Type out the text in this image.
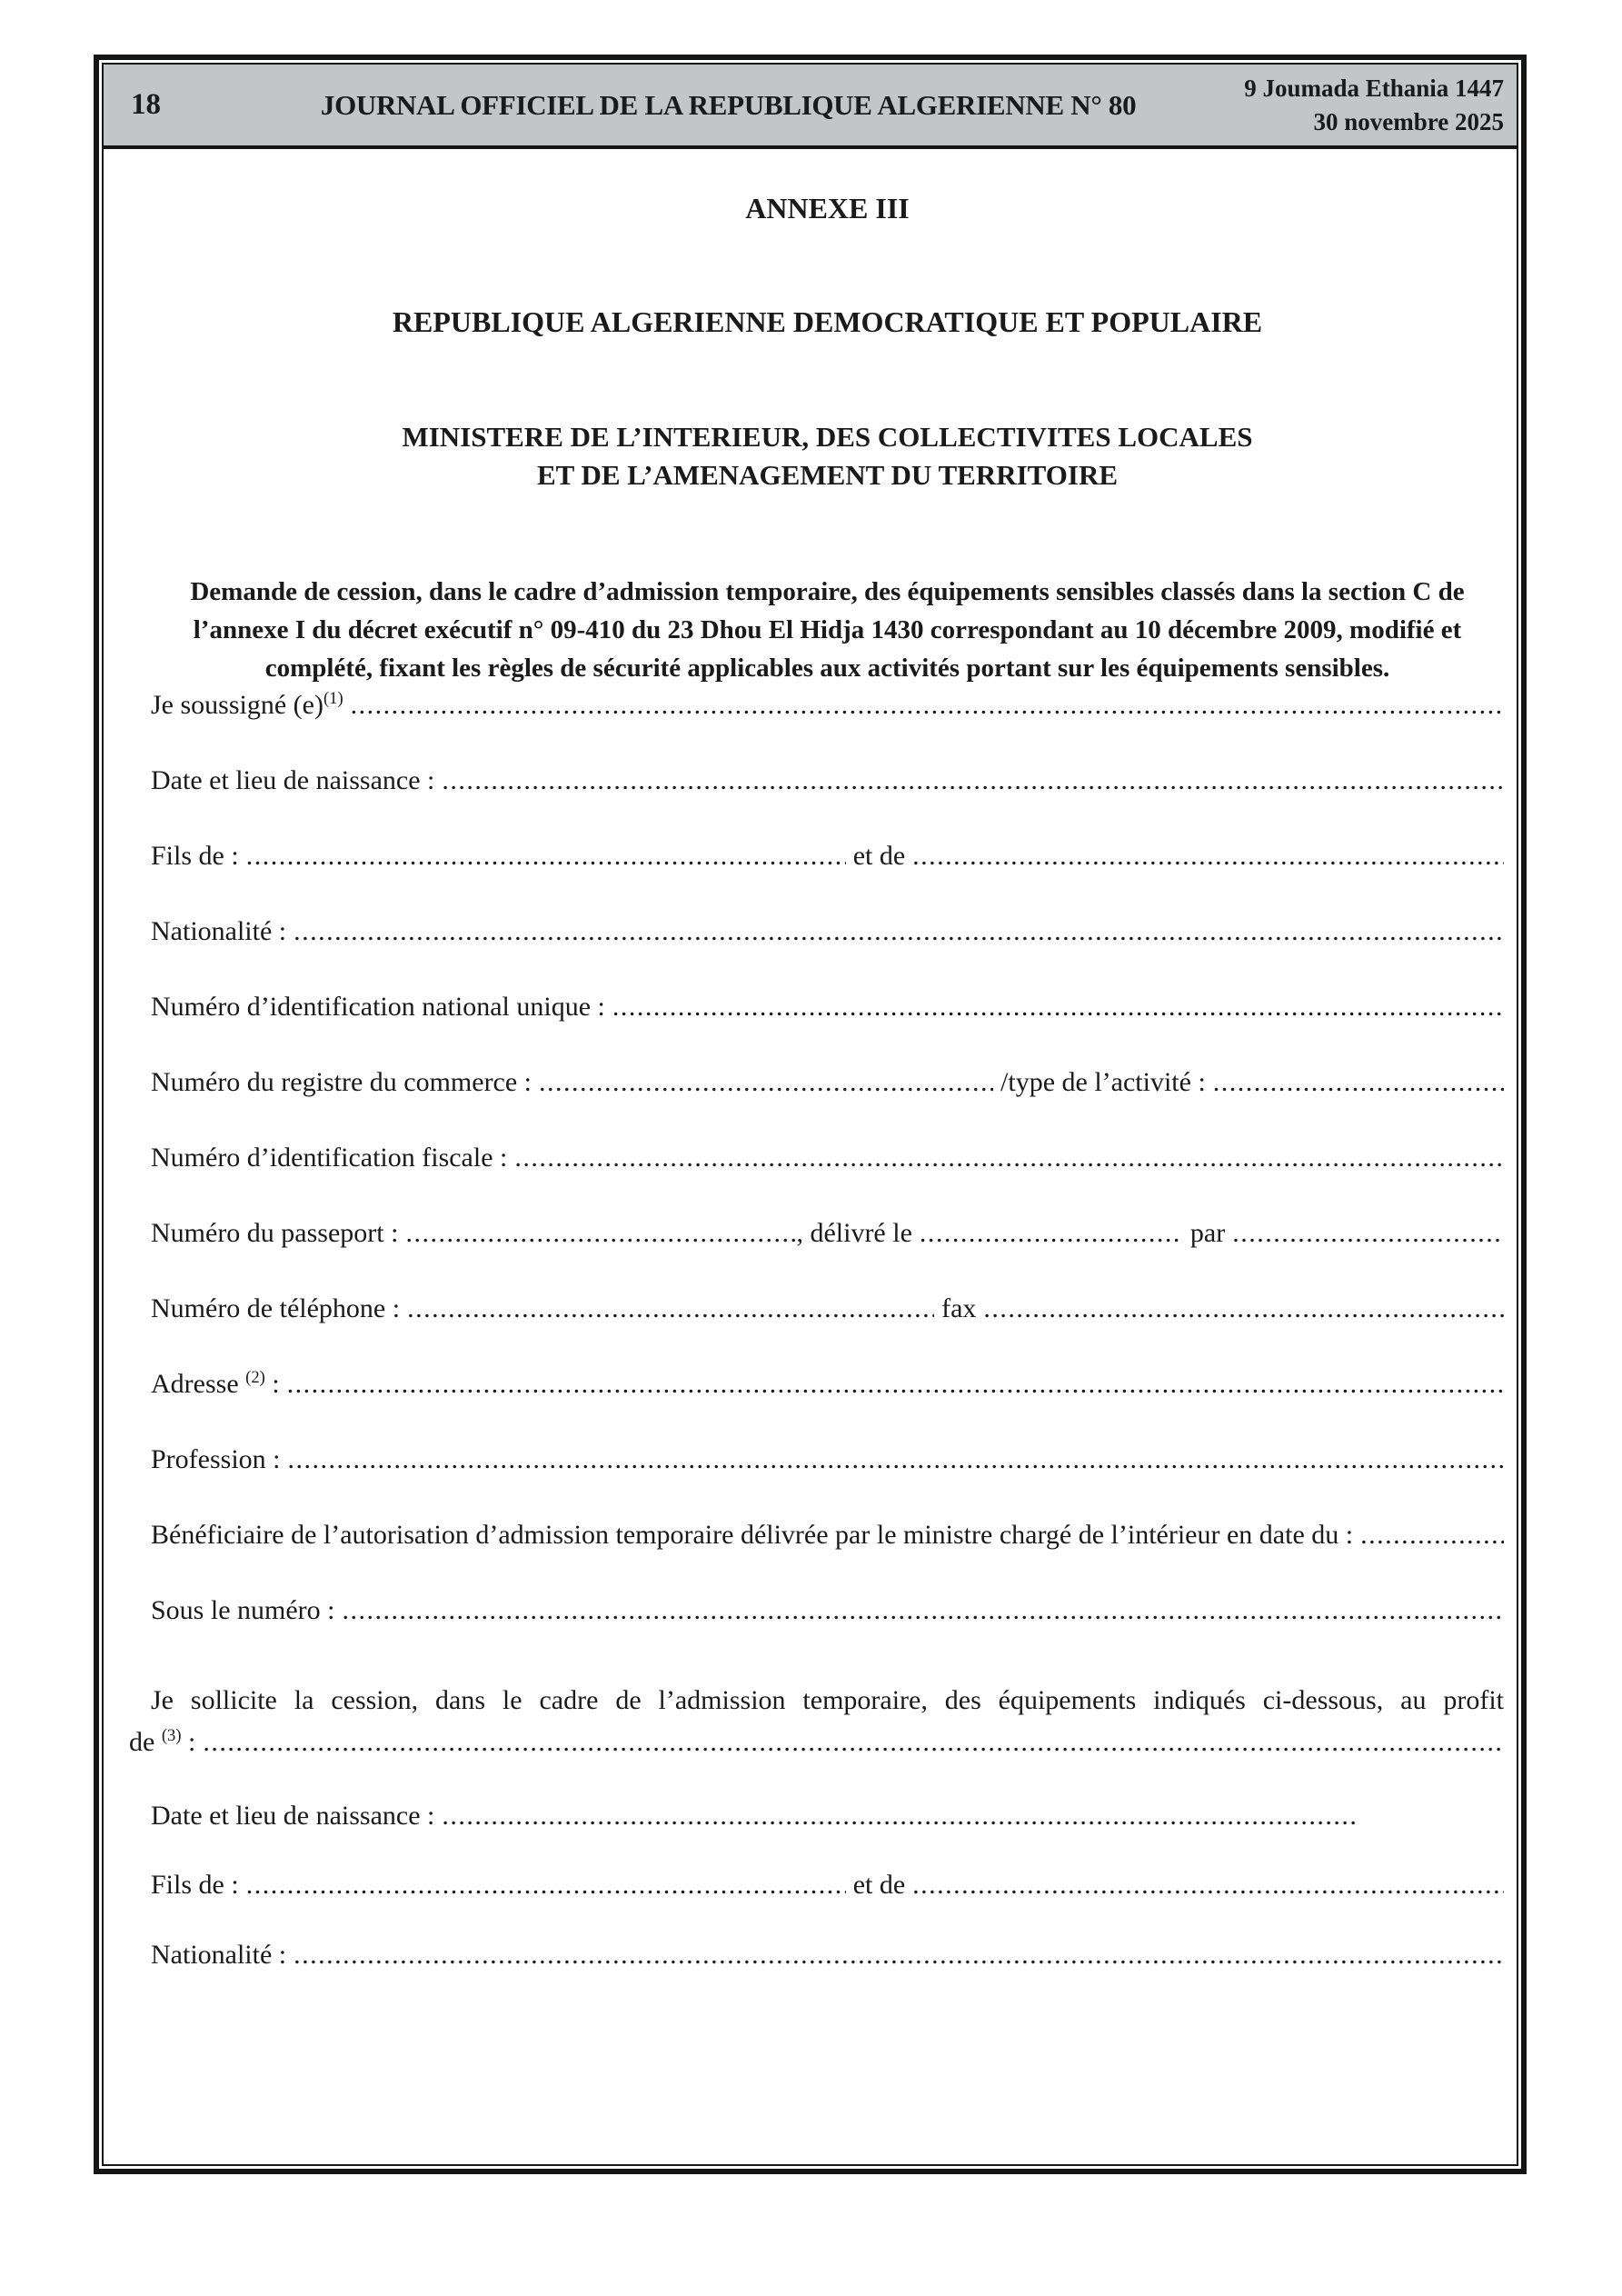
18	JOURNAL OFFICIEL DE LA REPUBLIQUE ALGERIENNE N° 80
9 Joumada Ethania 1447
30 novembre 2025
ANNEXE III
REPUBLIQUE ALGERIENNE DEMOCRATIQUE ET POPULAIRE
MINISTERE DE L’INTERIEUR, DES COLLECTIVITES LOCALES
ET DE L’AMENAGEMENT DU TERRITOIRE
Demande de cession, dans le cadre d’admission temporaire, des équipements sensibles classés dans la section C de
l’annexe I du décret exécutif n° 09-410 du 23 Dhou El Hidja 1430 correspondant au 10 décembre 2009, modifié et
complété, fixant les règles de sécurité applicables aux activités portant sur les équipements sensibles.
Je soussigné $(e)^{(1)}$
.....
Date et lieu de naissance :
.....
Fils de : .....	et de
.....
Nationalité :
.....
Numéro d’identification national unique :
.....
Numéro du registre du commerce : .....	/type de l’activité :
.....
Numéro d’identification fiscale :
.....
Numéro du passeport : .....	, délivré le .....	par
.....
Numéro de téléphone : .....	fax
.....
Adresse $^{(2)}$ :
.....
Profession :
.....
Bénéficiaire de l’autorisation d’admission temporaire délivrée par le ministre chargé de l’intérieur en date du :
.....
Sous le numéro :
.....
Je sollicite la cession, dans le cadre de l’admission temporaire, des équipements indiqués ci-dessous, au profit
de $^{(3)}$ :
.....
Date et lieu de naissance :
.....
Fils de : .....	et de
.....
Nationalité :
.....
